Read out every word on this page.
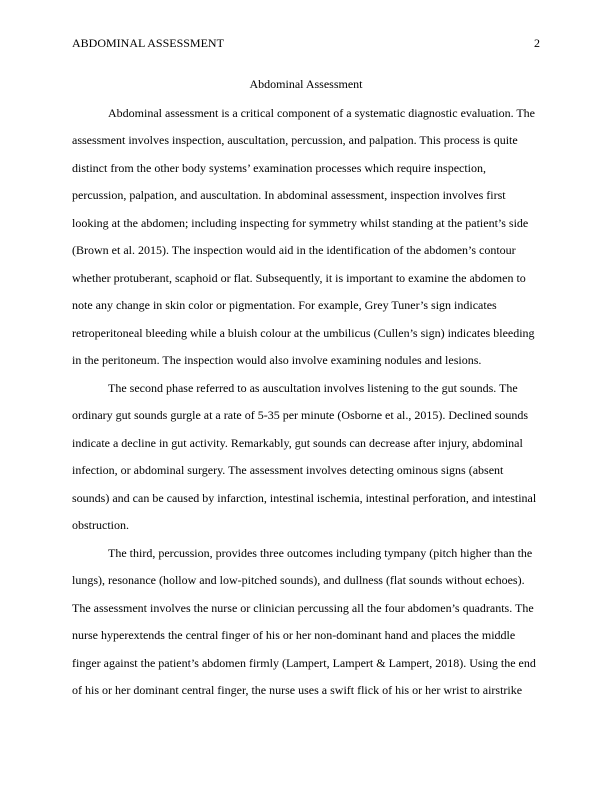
ABDOMINAL ASSESSMENT	2
Abdominal Assessment
Abdominal assessment is a critical component of a systematic diagnostic evaluation. The
assessment involves inspection, auscultation, percussion, and palpation. This process is quite
distinct from the other body systems’ examination processes which require inspection,
percussion, palpation, and auscultation. In abdominal assessment, inspection involves first
looking at the abdomen; including inspecting for symmetry whilst standing at the patient’s side
(Brown et al. 2015). The inspection would aid in the identification of the abdomen’s contour
whether protuberant, scaphoid or flat. Subsequently, it is important to examine the abdomen to
note any change in skin color or pigmentation. For example, Grey Tuner’s sign indicates
retroperitoneal bleeding while a bluish colour at the umbilicus (Cullen’s sign) indicates bleeding
in the peritoneum. The inspection would also involve examining nodules and lesions.
The second phase referred to as auscultation involves listening to the gut sounds. The
ordinary gut sounds gurgle at a rate of 5-35 per minute (Osborne et al., 2015). Declined sounds
indicate a decline in gut activity. Remarkably, gut sounds can decrease after injury, abdominal
infection, or abdominal surgery. The assessment involves detecting ominous signs (absent
sounds) and can be caused by infarction, intestinal ischemia, intestinal perforation, and intestinal
obstruction.
The third, percussion, provides three outcomes including tympany (pitch higher than the
lungs), resonance (hollow and low-pitched sounds), and dullness (flat sounds without echoes).
The assessment involves the nurse or clinician percussing all the four abdomen’s quadrants. The
nurse hyperextends the central finger of his or her non-dominant hand and places the middle
finger against the patient’s abdomen firmly (Lampert, Lampert & Lampert, 2018). Using the end
of his or her dominant central finger, the nurse uses a swift flick of his or her wrist to airstrike
